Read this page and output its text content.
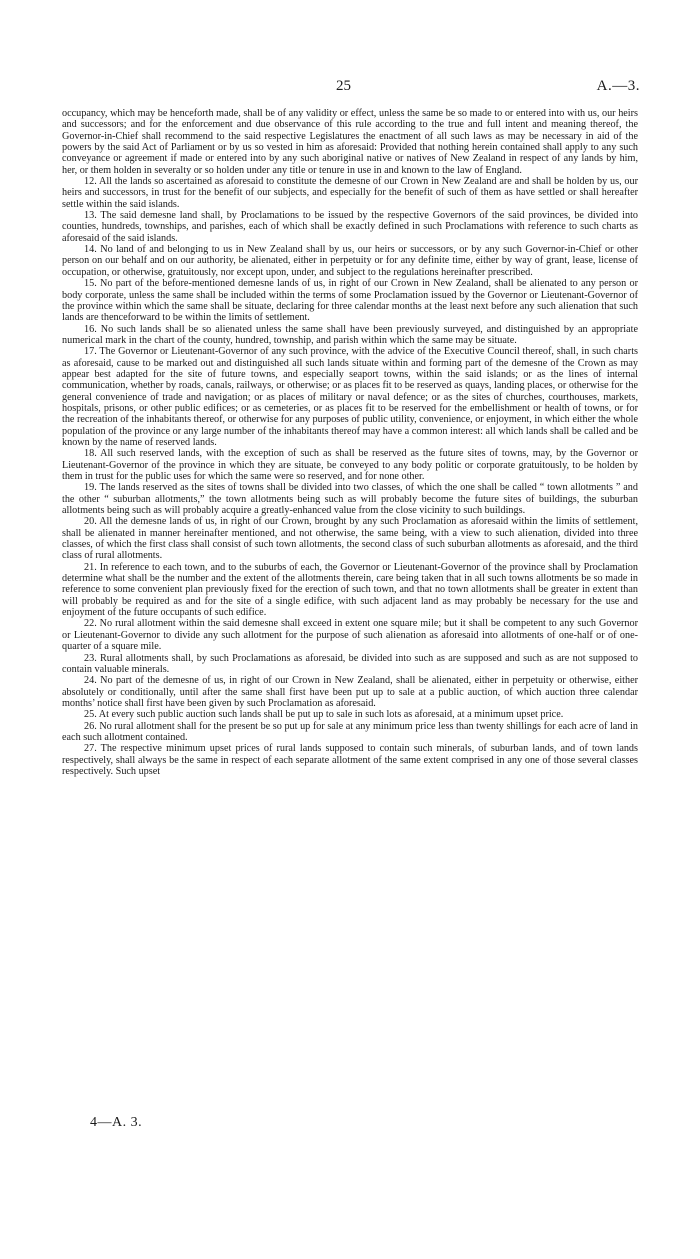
25	A.—3.

occupancy, which may be henceforth made, shall be of any validity or effect, unless the same be so made to or entered into with us, our heirs and successors; and for the enforcement and due observance of this rule according to the true and full intent and meaning thereof, the Governor-in-Chief shall recommend to the said respective Legislatures the enactment of all such laws as may be necessary in aid of the powers by the said Act of Parliament or by us so vested in him as aforesaid: Provided that nothing herein contained shall apply to any such conveyance or agreement if made or entered into by any such aboriginal native or natives of New Zealand in respect of any lands by him, her, or them holden in severalty or so holden under any title or tenure in use in and known to the law of England.

12. All the lands so ascertained as aforesaid to constitute the demesne of our Crown in New Zealand are and shall be holden by us, our heirs and successors, in trust for the benefit of our subjects, and especially for the benefit of such of them as have settled or shall hereafter settle within the said islands.

13. The said demesne land shall, by Proclamations to be issued by the respective Governors of the said provinces, be divided into counties, hundreds, townships, and parishes, each of which shall be exactly defined in such Proclamations with reference to such charts as aforesaid of the said islands.

14. No land of and belonging to us in New Zealand shall by us, our heirs or successors, or by any such Governor-in-Chief or other person on our behalf and on our authority, be alienated, either in perpetuity or for any definite time, either by way of grant, lease, license of occupation, or otherwise, gratuitously, nor except upon, under, and subject to the regulations hereinafter prescribed.

15. No part of the before-mentioned demesne lands of us, in right of our Crown in New Zealand, shall be alienated to any person or body corporate, unless the same shall be included within the terms of some Proclamation issued by the Governor or Lieutenant-Governor of the province within which the same shall be situate, declaring for three calendar months at the least next before any such alienation that such lands are thenceforward to be within the limits of settlement.

16. No such lands shall be so alienated unless the same shall have been previously surveyed, and distinguished by an appropriate numerical mark in the chart of the county, hundred, township, and parish within which the same may be situate.

17. The Governor or Lieutenant-Governor of any such province, with the advice of the Executive Council thereof, shall, in such charts as aforesaid, cause to be marked out and distinguished all such lands situate within and forming part of the demesne of the Crown as may appear best adapted for the site of future towns, and especially seaport towns, within the said islands; or as the lines of internal communication, whether by roads, canals, railways, or otherwise; or as places fit to be reserved as quays, landing places, or otherwise for the general convenience of trade and navigation; or as places of military or naval defence; or as the sites of churches, courthouses, markets, hospitals, prisons, or other public edifices; or as cemeteries, or as places fit to be reserved for the embellishment or health of towns, or for the recreation of the inhabitants thereof, or otherwise for any purposes of public utility, convenience, or enjoyment, in which either the whole population of the province or any large number of the inhabitants thereof may have a common interest: all which lands shall be called and be known by the name of reserved lands.

18. All such reserved lands, with the exception of such as shall be reserved as the future sites of towns, may, by the Governor or Lieutenant-Governor of the province in which they are situate, be conveyed to any body politic or corporate gratuitously, to be holden by them in trust for the public uses for which the same were so reserved, and for none other.

19. The lands reserved as the sites of towns shall be divided into two classes, of which the one shall be called “ town allotments ” and the other “ suburban allotments,” the town allotments being such as will probably become the future sites of buildings, the suburban allotments being such as will probably acquire a greatly-enhanced value from the close vicinity to such buildings.

20. All the demesne lands of us, in right of our Crown, brought by any such Proclamation as aforesaid within the limits of settlement, shall be alienated in manner hereinafter mentioned, and not otherwise, the same being, with a view to such alienation, divided into three classes, of which the first class shall consist of such town allotments, the second class of such suburban allotments as aforesaid, and the third class of rural allotments.

21. In reference to each town, and to the suburbs of each, the Governor or Lieutenant-Governor of the province shall by Proclamation determine what shall be the number and the extent of the allotments therein, care being taken that in all such towns allotments be so made in reference to some convenient plan previously fixed for the erection of such town, and that no town allotments shall be greater in extent than will probably be required as and for the site of a single edifice, with such adjacent land as may probably be necessary for the use and enjoyment of the future occupants of such edifice.

22. No rural allotment within the said demesne shall exceed in extent one square mile; but it shall be competent to any such Governor or Lieutenant-Governor to divide any such allotment for the purpose of such alienation as aforesaid into allotments of one-half or of one-quarter of a square mile.

23. Rural allotments shall, by such Proclamations as aforesaid, be divided into such as are supposed and such as are not supposed to contain valuable minerals.

24. No part of the demesne of us, in right of our Crown in New Zealand, shall be alienated, either in perpetuity or otherwise, either absolutely or conditionally, until after the same shall first have been put up to sale at a public auction, of which auction three calendar months’ notice shall first have been given by such Proclamation as aforesaid.

25. At every such public auction such lands shall be put up to sale in such lots as aforesaid, at a minimum upset price.

26. No rural allotment shall for the present be so put up for sale at any minimum price less than twenty shillings for each acre of land in each such allotment contained.

27. The respective minimum upset prices of rural lands supposed to contain such minerals, of suburban lands, and of town lands respectively, shall always be the same in respect of each separate allotment of the same extent comprised in any one of those several classes respectively. Such upset

4—A. 3.
